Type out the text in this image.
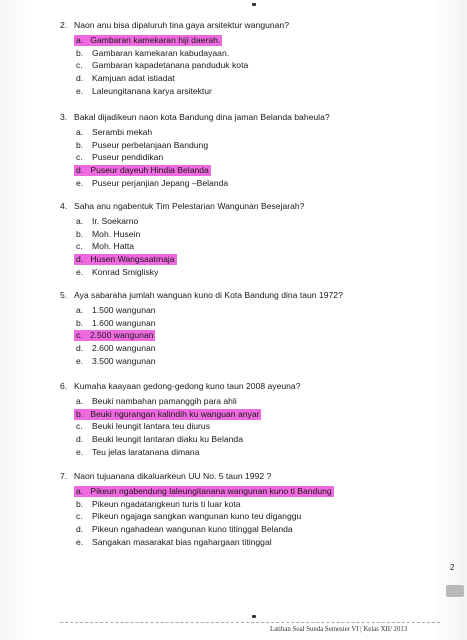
2. Naon anu bisa dipaluruh tina gaya arsitektur wangunan?
a. Gambaran kamekaran hiji daerah.
b.	Gambaran kamekaran kabudayaan.
c.	Gambaran kapadetanana panduduk kota
d.	Kamjuan adat istiadat
e.	Laleungitanana karya arsitektur
3. Bakal dijadikeun naon kota Bandung dina jaman Belanda baheula?
a.	Serambi mekah
b.	Puseur perbelanjaan Bandung
c.	Puseur pendidikan
d. Puseur dayeuh Hindia Belanda
e.	Puseur perjanjian Jepang –Belanda
4. Saha anu ngabentuk Tim Pelestarian Wangunan Besejarah?
a.	Ir. Soekarno
b.	Moh. Husein
c.	Moh. Hatta
d. Husen Wangsaatmaja
e.	Konrad Smiglisky
5. Aya sabaraha jumlah wanguan kuno di Kota Bandung dina taun 1972?
a.	1.500 wangunan
b.	1.600 wangunan
c. 2.500 wangunan
d.	2.600 wangunan
e.	3.500 wangunan
6. Kumaha kaayaan gedong-gedong kuno taun 2008 ayeuna?
a.	Beuki nambahan pamanggih para ahli
b. Beuki ngurangan kalindih ku wanguan anyar
c.	Beuki leungit lantara teu diurus
d.	Beuki leungit lantaran diaku ku Belanda
e.	Teu jelas laratanana dimana
7. Naon tujuanana dikaluarkeun UU No. 5 taun 1992 ?
a. Pikeun ngabendung laleungitanana wangunan kuno ti Bandung
b.	Pikeun ngadatangkeun turis ti luar kota
c.	Pikeun ngajaga sangkan wangunan kuno teu diganggu
d.	Pikeun ngahadean wangunan kuno titinggal Belanda
e.	Sangakan masarakat bias ngahargaan titinggal
2
Latihan Soal Sunda Semester VI | Kelas XII/ 2013
